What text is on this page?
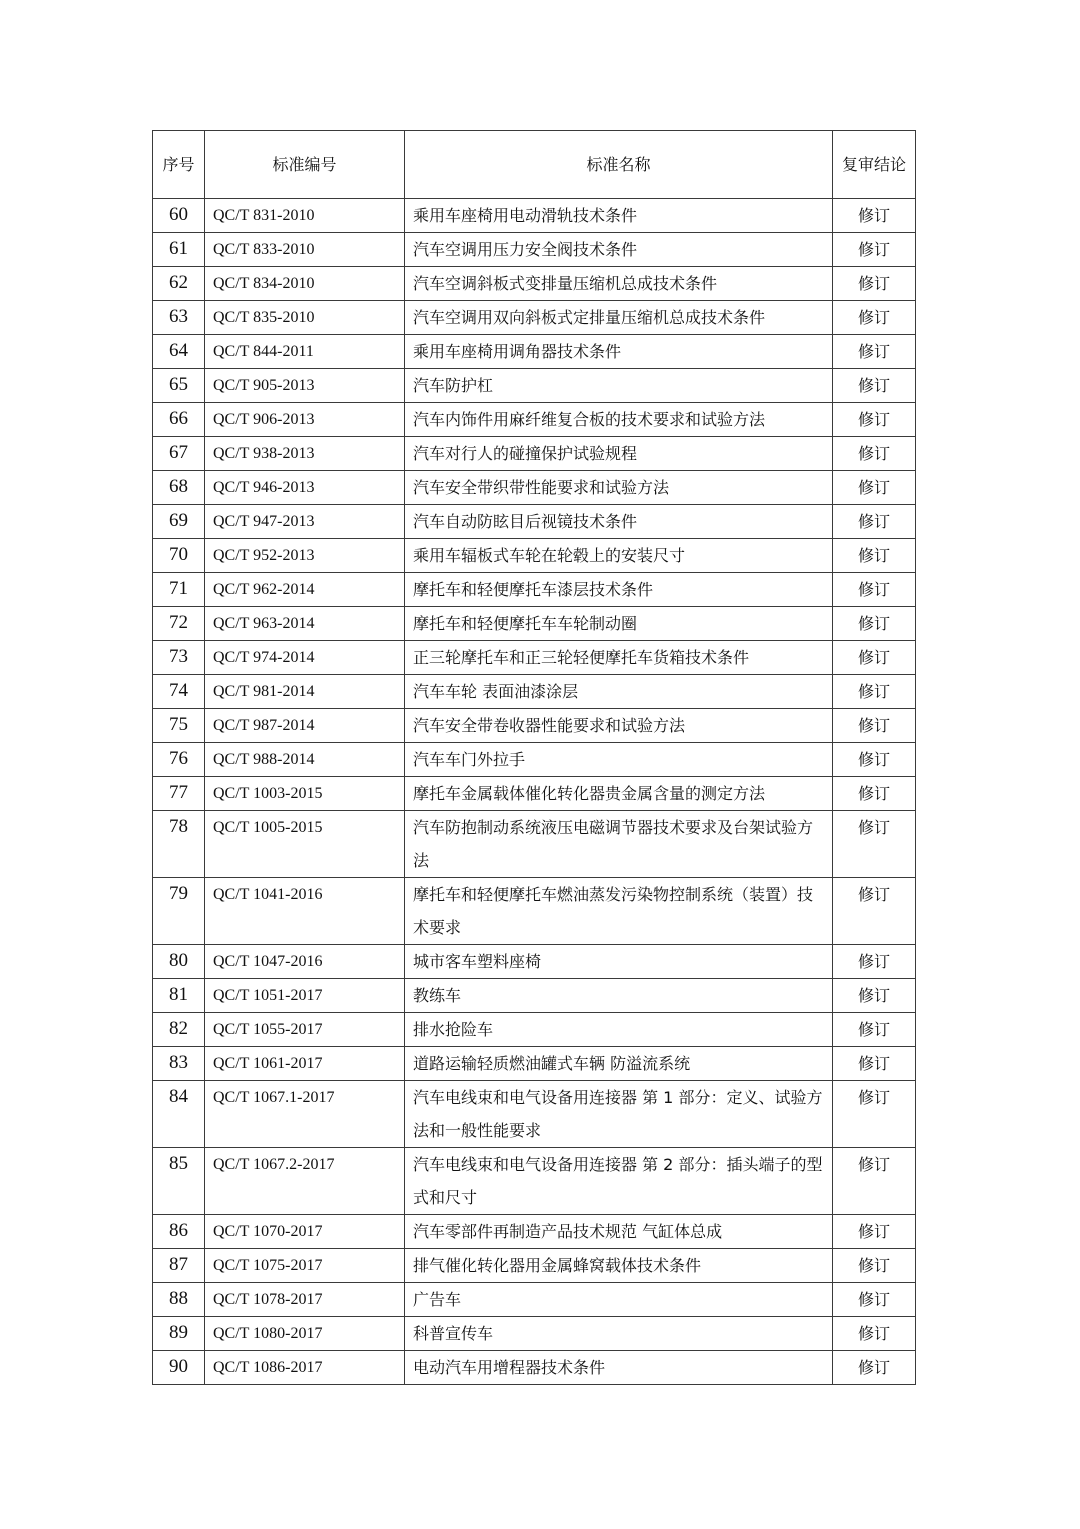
序号	标准编号	标准名称	复审结论
60	QC/T 831-2010	乘用车座椅用电动滑轨技术条件	修订
61	QC/T 833-2010	汽车空调用压力安全阀技术条件	修订
62	QC/T 834-2010	汽车空调斜板式变排量压缩机总成技术条件	修订
63	QC/T 835-2010	汽车空调用双向斜板式定排量压缩机总成技术条件	修订
64	QC/T 844-2011	乘用车座椅用调角器技术条件	修订
65	QC/T 905-2013	汽车防护杠	修订
66	QC/T 906-2013	汽车内饰件用麻纤维复合板的技术要求和试验方法	修订
67	QC/T 938-2013	汽车对行人的碰撞保护试验规程	修订
68	QC/T 946-2013	汽车安全带织带性能要求和试验方法	修订
69	QC/T 947-2013	汽车自动防眩目后视镜技术条件	修订
70	QC/T 952-2013	乘用车辐板式车轮在轮毂上的安装尺寸	修订
71	QC/T 962-2014	摩托车和轻便摩托车漆层技术条件	修订
72	QC/T 963-2014	摩托车和轻便摩托车车轮制动圈	修订
73	QC/T 974-2014	正三轮摩托车和正三轮轻便摩托车货箱技术条件	修订
74	QC/T 981-2014	汽车车轮 表面油漆涂层	修订
75	QC/T 987-2014	汽车安全带卷收器性能要求和试验方法	修订
76	QC/T 988-2014	汽车车门外拉手	修订
77	QC/T 1003-2015	摩托车金属载体催化转化器贵金属含量的测定方法	修订
78	QC/T 1005-2015	汽车防抱制动系统液压电磁调节器技术要求及台架试验方法	修订
79	QC/T 1041-2016	摩托车和轻便摩托车燃油蒸发污染物控制系统（装置）技术要求	修订
80	QC/T 1047-2016	城市客车塑料座椅	修订
81	QC/T 1051-2017	教练车	修订
82	QC/T 1055-2017	排水抢险车	修订
83	QC/T 1061-2017	道路运输轻质燃油罐式车辆 防溢流系统	修订
84	QC/T 1067.1-2017	汽车电线束和电气设备用连接器 第 1 部分：定义、试验方法和一般性能要求	修订
85	QC/T 1067.2-2017	汽车电线束和电气设备用连接器 第 2 部分：插头端子的型式和尺寸	修订
86	QC/T 1070-2017	汽车零部件再制造产品技术规范 气缸体总成	修订
87	QC/T 1075-2017	排气催化转化器用金属蜂窝载体技术条件	修订
88	QC/T 1078-2017	广告车	修订
89	QC/T 1080-2017	科普宣传车	修订
90	QC/T 1086-2017	电动汽车用增程器技术条件	修订
